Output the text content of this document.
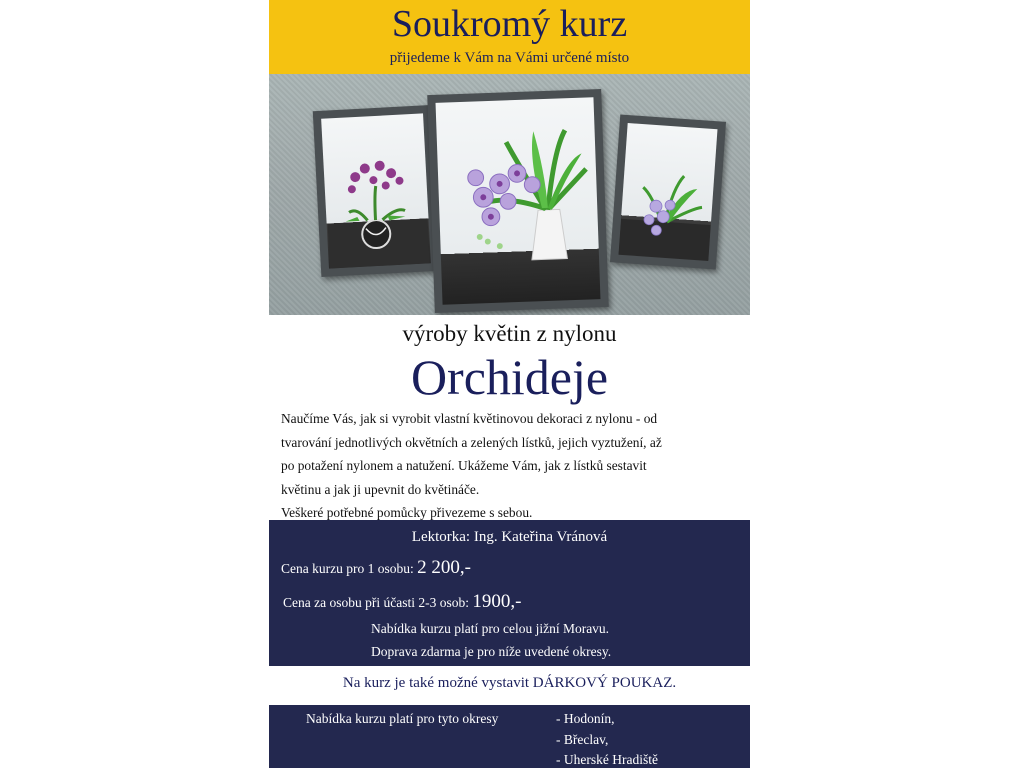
Soukromý kurz
přijedeme k Vám na Vámi určené místo
výroby květin z nylonu
Orchideje
Naučíme Vás, jak si vyrobit vlastní květinovou dekoraci z nylonu - od
tvarování jednotlivých okvětních a zelených lístků, jejich vyztužení, až
po potažení nylonem a natužení. Ukážeme Vám, jak z lístků sestavit
květinu a jak ji upevnit do květináče.
Veškeré potřebné pomůcky přivezeme s sebou.
Lektorka: Ing. Kateřina Vránová
Cena kurzu pro 1 osobu: 2 200,-
Cena za osobu při účasti 2-3 osob: 1900,-
Nabídka kurzu platí pro celou jižní Moravu.
Doprava zdarma je pro níže uvedené okresy.
Na kurz je také možné vystavit DÁRKOVÝ POUKAZ.
Nabídka kurzu platí pro tyto okresy	- Hodonín,
- Břeclav,
- Uherské Hradiště
